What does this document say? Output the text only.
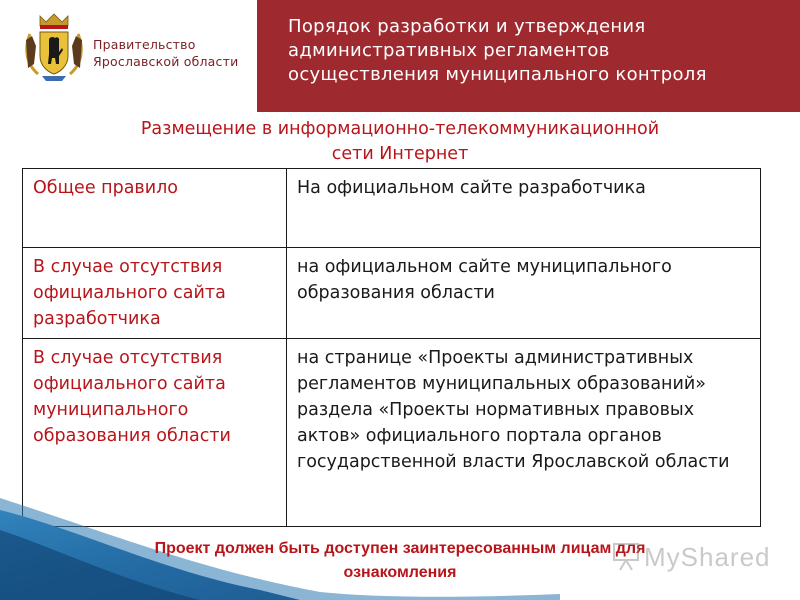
Правительство
Ярославской области
Порядок разработки и утверждения
административных регламентов
осуществления муниципального контроля
Размещение в информационно-телекоммуникационной
сети Интернет
Общее правило	На официальном сайте разработчика
В случае отсутствия официального сайта разработчика	на официальном сайте муниципального образования области
В случае отсутствия официального сайта муниципального образования области	на странице «Проекты административных регламентов муниципальных образований» раздела «Проекты нормативных правовых актов» официального портала органов государственной власти Ярославской области
Проект должен быть доступен заинтересованным лицам для
ознакомления
MyShared
